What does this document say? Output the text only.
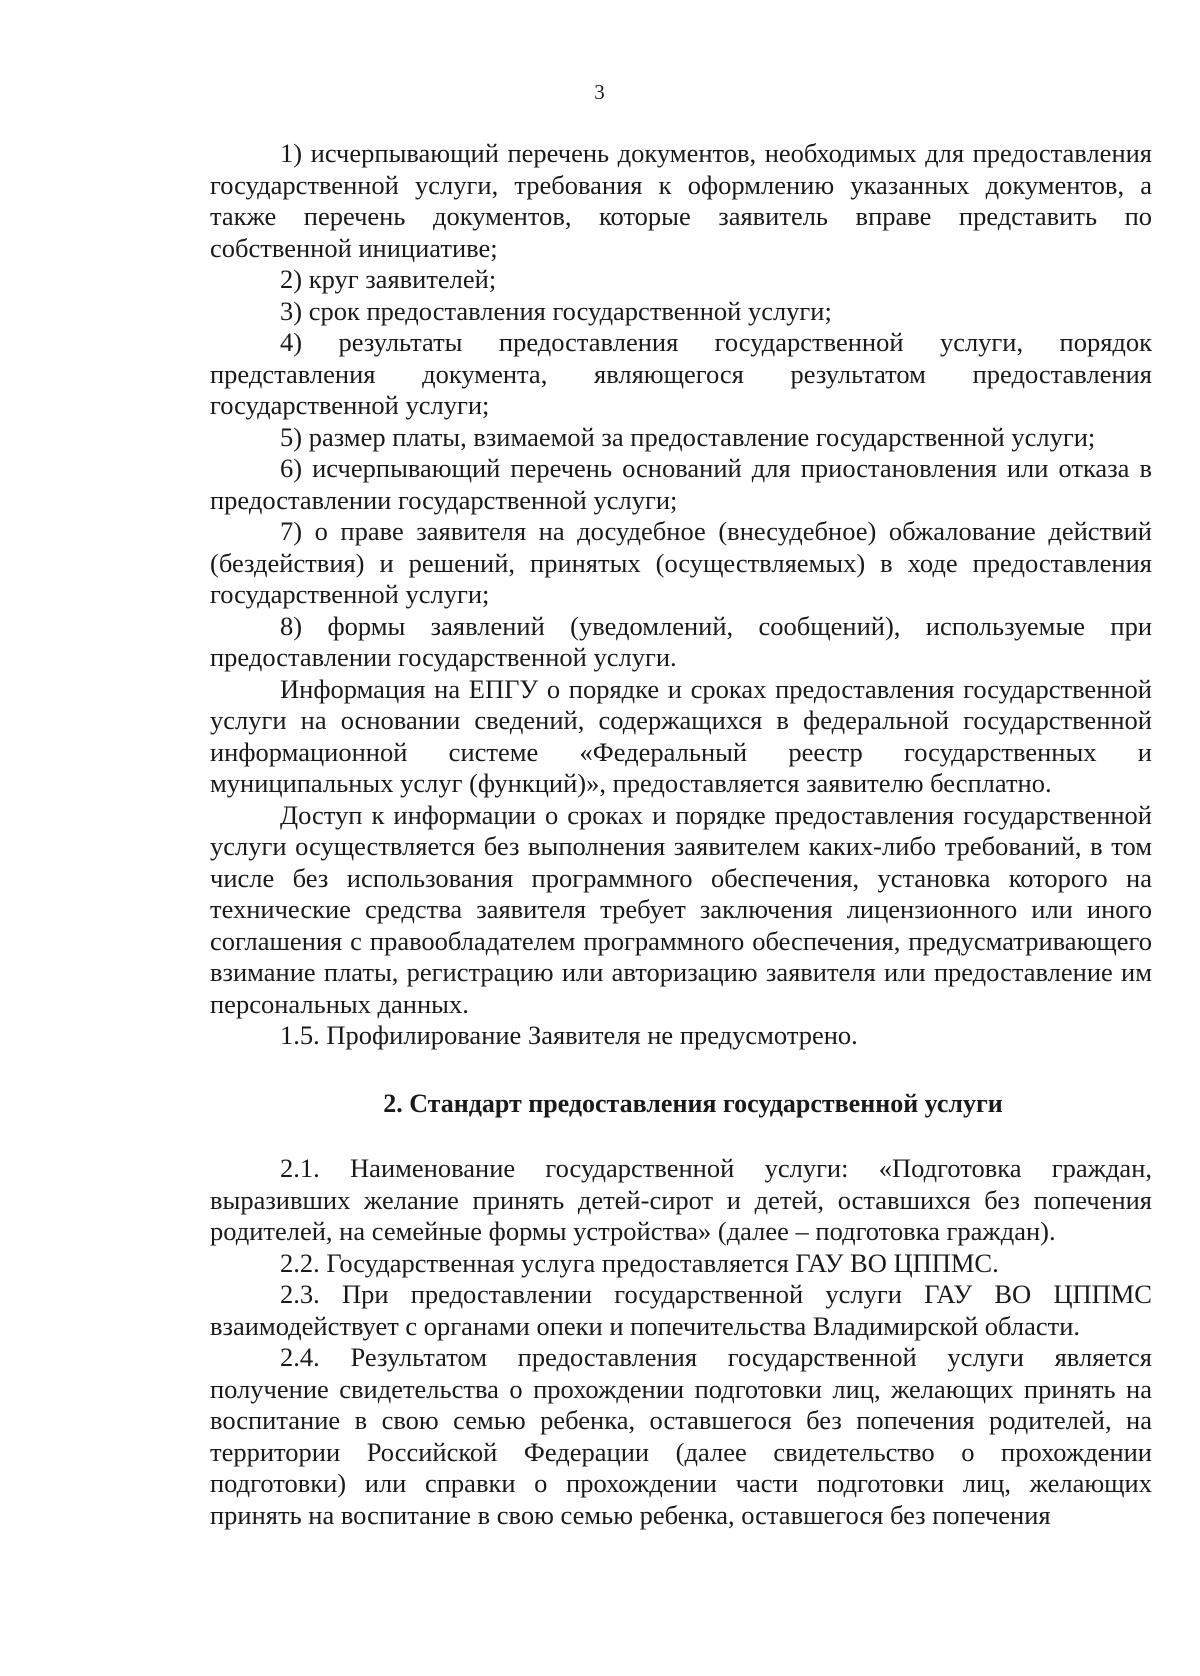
3

1) исчерпывающий перечень документов, необходимых для предоставления государственной услуги, требования к оформлению указанных документов, а также перечень документов, которые заявитель вправе представить по собственной инициативе;

2) круг заявителей;

3) срок предоставления государственной услуги;

4) результаты предоставления государственной услуги, порядок представления документа, являющегося результатом предоставления государственной услуги;

5) размер платы, взимаемой за предоставление государственной услуги;

6) исчерпывающий перечень оснований для приостановления или отказа в предоставлении государственной услуги;

7) о праве заявителя на досудебное (внесудебное) обжалование действий (бездействия) и решений, принятых (осуществляемых) в ходе предоставления государственной услуги;

8) формы заявлений (уведомлений, сообщений), используемые при предоставлении государственной услуги.

Информация на ЕПГУ о порядке и сроках предоставления государственной услуги на основании сведений, содержащихся в федеральной государственной информационной системе «Федеральный реестр государственных и муниципальных услуг (функций)», предоставляется заявителю бесплатно.

Доступ к информации о сроках и порядке предоставления государственной услуги осуществляется без выполнения заявителем каких-либо требований, в том числе без использования программного обеспечения, установка которого на технические средства заявителя требует заключения лицензионного или иного соглашения с правообладателем программного обеспечения, предусматривающего взимание платы, регистрацию или авторизацию заявителя или предоставление им персональных данных.

1.5. Профилирование Заявителя не предусмотрено.

2. Стандарт предоставления государственной услуги

2.1. Наименование государственной услуги: «Подготовка граждан, выразивших желание принять детей-сирот и детей, оставшихся без попечения родителей, на семейные формы устройства» (далее – подготовка граждан).

2.2. Государственная услуга предоставляется ГАУ ВО ЦППМС.

2.3. При предоставлении государственной услуги ГАУ ВО ЦППМС взаимодействует с органами опеки и попечительства Владимирской области.

2.4. Результатом предоставления государственной услуги является получение свидетельства о прохождении подготовки лиц, желающих принять на воспитание в свою семью ребенка, оставшегося без попечения родителей, на территории Российской Федерации (далее свидетельство о прохождении подготовки) или справки о прохождении части подготовки лиц, желающих принять на воспитание в свою семью ребенка, оставшегося без попечения
